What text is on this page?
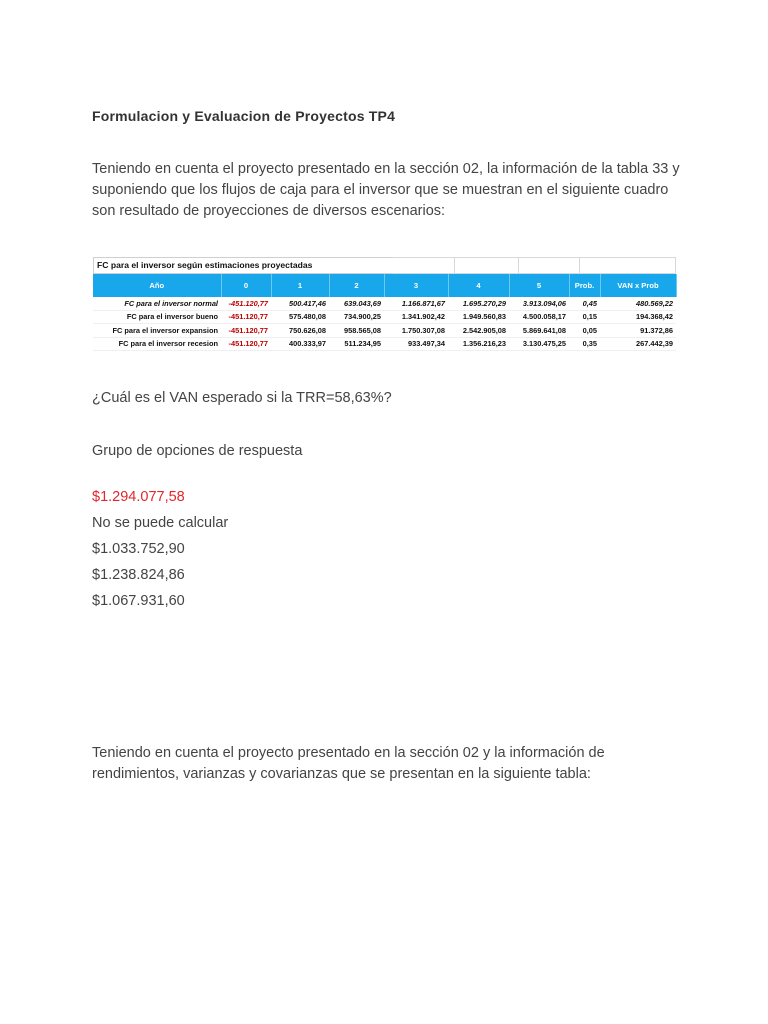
Formulacion y Evaluacion de Proyectos TP4
Teniendo en cuenta el proyecto presentado en la sección 02, la información de la tabla 33 y suponiendo que los flujos de caja para el inversor que se muestran en el siguiente cuadro son resultado de proyecciones de diversos escenarios:
FC para el inversor según estimaciones proyectadas
Año	0	1	2	3	4	5	Prob.	VAN x Prob
FC para el inversor normal	-451.120,77	500.417,46	639.043,69	1.166.871,67	1.695.270,29	3.913.094,06	0,45	480.569,22
FC para el inversor bueno	-451.120,77	575.480,08	734.900,25	1.341.902,42	1.949.560,83	4.500.058,17	0,15	194.368,42
FC para el inversor expansion	-451.120,77	750.626,08	958.565,08	1.750.307,08	2.542.905,08	5.869.641,08	0,05	91.372,86
FC para el inversor recesion	-451.120,77	400.333,97	511.234,95	933.497,34	1.356.216,23	3.130.475,25	0,35	267.442,39
¿Cuál es el VAN esperado si la TRR=58,63%?
Grupo de opciones de respuesta
$1.294.077,58
No se puede calcular
$1.033.752,90
$1.238.824,86
$1.067.931,60
Teniendo en cuenta el proyecto presentado en la sección 02 y la información de rendimientos, varianzas y covarianzas que se presentan en la siguiente tabla:
